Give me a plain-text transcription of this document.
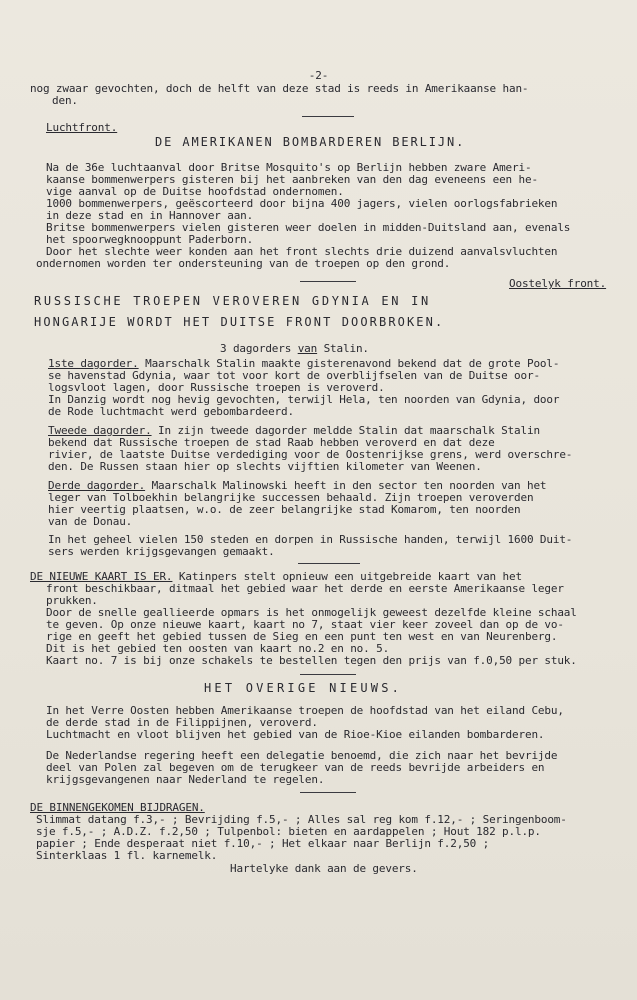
-2-
nog zwaar gevochten, doch de helft van deze stad is reeds in Amerikaanse han-
den.
Luchtfront.
DE AMERIKANEN BOMBARDEREN BERLIJN.
Na de 36e luchtaanval door Britse Mosquito's op Berlijn hebben zware Ameri-
kaanse bommenwerpers gisteren bij het aanbreken van den dag eveneens een he-
vige aanval op de Duitse hoofdstad ondernomen.
1000 bommenwerpers, geëscorteerd door bijna 400 jagers, vielen oorlogsfabrieken
in deze stad en in Hannover aan.
Britse bommenwerpers vielen gisteren weer doelen in midden-Duitsland aan, evenals
het spoorwegknooppunt Paderborn.
Door het slechte weer konden aan het front slechts drie duizend aanvalsvluchten
ondernomen worden ter ondersteuning van de troepen op den grond.
Oostelyk front.
RUSSISCHE TROEPEN VEROVEREN GDYNIA EN IN
HONGARIJE WORDT HET DUITSE FRONT DOORBROKEN.
3 dagorders van Stalin.
1ste dagorder. Maarschalk Stalin maakte gisterenavond bekend dat de grote Pool-
se havenstad Gdynia, waar tot voor kort de overblijfselen van de Duitse oor-
logsvloot lagen, door Russische troepen is veroverd.
In Danzig wordt nog hevig gevochten, terwijl Hela, ten noorden van Gdynia, door
de Rode luchtmacht werd gebombardeerd.
Tweede dagorder. In zijn tweede dagorder meldde Stalin dat maarschalk Stalin
bekend dat Russische troepen de stad Raab hebben veroverd en dat deze
rivier, de laatste Duitse verdediging voor de Oostenrijkse grens, werd overschre-
den. De Russen staan hier op slechts vijftien kilometer van Weenen.
Derde dagorder. Maarschalk Malinowski heeft in den sector ten noorden van het
leger van Tolboekhin belangrijke successen behaald. Zijn troepen veroverden
hier veertig plaatsen, w.o. de zeer belangrijke stad Komarom, ten noorden
van de Donau.
In het geheel vielen 150 steden en dorpen in Russische handen, terwijl 1600 Duit-
sers werden krijgsgevangen gemaakt.
DE NIEUWE KAART IS ER. Katinpers stelt opnieuw een uitgebreide kaart van het
front beschikbaar, ditmaal het gebied waar het derde en eerste Amerikaanse leger
prukken.
Door de snelle geallieerde opmars is het onmogelijk geweest dezelfde kleine schaal
te geven. Op onze nieuwe kaart, kaart no 7, staat vier keer zoveel dan op de vo-
rige en geeft het gebied tussen de Sieg en een punt ten west en van Neurenberg.
Dit is het gebied ten oosten van kaart no.2 en no. 5.
Kaart no. 7 is bij onze schakels te bestellen tegen den prijs van f.0,50 per stuk.
HET OVERIGE NIEUWS.
In het Verre Oosten hebben Amerikaanse troepen de hoofdstad van het eiland Cebu,
de derde stad in de Filippijnen, veroverd.
Luchtmacht en vloot blijven het gebied van de Rioe-Kioe eilanden bombarderen.
De Nederlandse regering heeft een delegatie benoemd, die zich naar het bevrijde
deel van Polen zal begeven om de terugkeer van de reeds bevrijde arbeiders en
krijgsgevangenen naar Nederland te regelen.
DE BINNENGEKOMEN BIJDRAGEN.
Slimmat datang f.3,- ; Bevrijding f.5,- ; Alles sal reg kom f.12,- ; Seringenboom-
sje f.5,- ; A.D.Z. f.2,50 ; Tulpenbol: bieten en aardappelen ; Hout 182 p.l.p.
papier ; Ende desperaat niet f.10,- ; Het elkaar naar Berlijn f.2,50 ;
Sinterklaas 1 fl. karnemelk.
Hartelyke dank aan de gevers.
